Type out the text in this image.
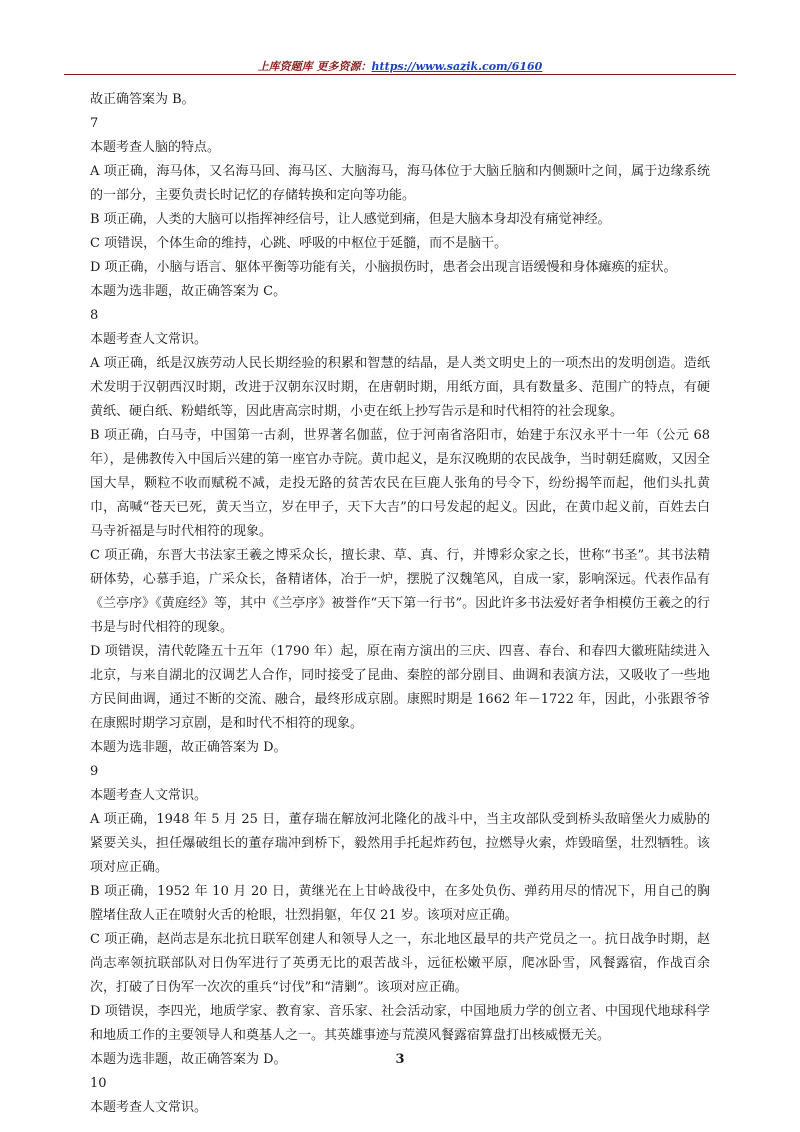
上库资题库 更多资源：https://www.sazik.com/6160

故正确答案为 B。

7

本题考查人脑的特点。

A 项正确，海马体，又名海马回、海马区、大脑海马，海马体位于大脑丘脑和内侧颞叶之间，属于边缘系统的一部分，主要负责长时记忆的存储转换和定向等功能。

B 项正确，人类的大脑可以指挥神经信号，让人感觉到痛，但是大脑本身却没有痛觉神经。

C 项错误，个体生命的维持，心跳、呼吸的中枢位于延髓，而不是脑干。

D 项正确，小脑与语言、躯体平衡等功能有关，小脑损伤时，患者会出现言语缓慢和身体瘫痪的症状。

本题为选非题，故正确答案为 C。

8

本题考查人文常识。

A 项正确，纸是汉族劳动人民长期经验的积累和智慧的结晶，是人类文明史上的一项杰出的发明创造。造纸术发明于汉朝西汉时期，改进于汉朝东汉时期，在唐朝时期，用纸方面，具有数量多、范围广的特点，有硬黄纸、硬白纸、粉蜡纸等，因此唐高宗时期，小吏在纸上抄写告示是和时代相符的社会现象。

B 项正确，白马寺，中国第一古刹，世界著名伽蓝，位于河南省洛阳市，始建于东汉永平十一年（公元 68 年），是佛教传入中国后兴建的第一座官办寺院。黄巾起义，是东汉晚期的农民战争，当时朝廷腐败，又因全国大旱，颗粒不收而赋税不减，走投无路的贫苦农民在巨鹿人张角的号令下，纷纷揭竿而起，他们头扎黄巾，高喊“苍天已死，黄天当立，岁在甲子，天下大吉”的口号发起的起义。因此，在黄巾起义前，百姓去白马寺祈福是与时代相符的现象。

C 项正确，东晋大书法家王羲之博采众长，擅长隶、草、真、行，并博彩众家之长，世称“书圣”。其书法精研体势，心慕手追，广采众长，备精诸体，冶于一炉，摆脱了汉魏笔风，自成一家，影响深远。代表作品有《兰亭序》《黄庭经》等，其中《兰亭序》被誉作“天下第一行书”。因此许多书法爱好者争相模仿王羲之的行书是与时代相符的现象。

D 项错误，清代乾隆五十五年（1790 年）起，原在南方演出的三庆、四喜、春台、和春四大徽班陆续进入北京，与来自湖北的汉调艺人合作，同时接受了昆曲、秦腔的部分剧目、曲调和表演方法，又吸收了一些地方民间曲调，通过不断的交流、融合，最终形成京剧。康熙时期是 1662 年－1722 年，因此，小张跟爷爷在康熙时期学习京剧，是和时代不相符的现象。

本题为选非题，故正确答案为 D。

9

本题考查人文常识。

A 项正确，1948 年 5 月 25 日，董存瑞在解放河北隆化的战斗中，当主攻部队受到桥头敌暗堡火力威胁的紧要关头，担任爆破组长的董存瑞冲到桥下，毅然用手托起炸药包，拉燃导火索，炸毁暗堡，壮烈牺牲。该项对应正确。

B 项正确，1952 年 10 月 20 日，黄继光在上甘岭战役中，在多处负伤、弹药用尽的情况下，用自己的胸膛堵住敌人正在喷射火舌的枪眼，壮烈捐躯，年仅 21 岁。该项对应正确。

C 项正确，赵尚志是东北抗日联军创建人和领导人之一，东北地区最早的共产党员之一。抗日战争时期，赵尚志率领抗联部队对日伪军进行了英勇无比的艰苦战斗，远征松嫩平原，爬冰卧雪，风餐露宿，作战百余次，打破了日伪军一次次的重兵“讨伐”和“清剿”。该项对应正确。

D 项错误，李四光，地质学家、教育家、音乐家、社会活动家，中国地质力学的创立者、中国现代地球科学和地质工作的主要领导人和奠基人之一。其英雄事迹与荒漠风餐露宿算盘打出核威慑无关。

本题为选非题，故正确答案为 D。

10

本题考查人文常识。

3
